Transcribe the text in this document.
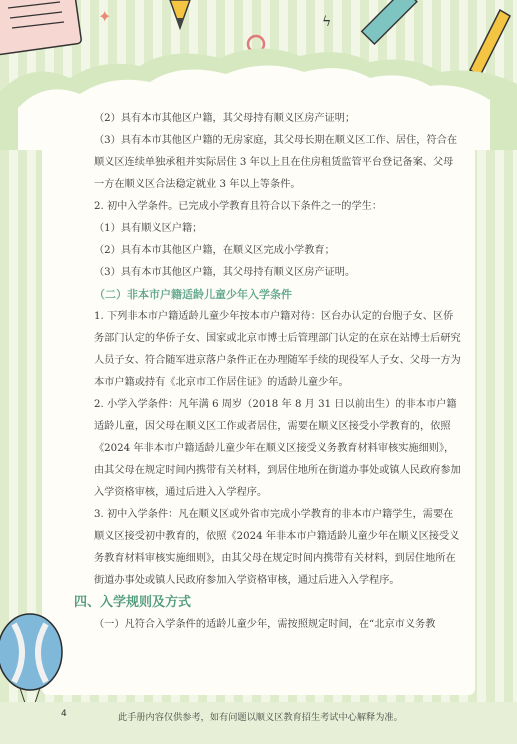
✦	ϟ

（2）具有本市其他区户籍，其父母持有顺义区房产证明；

（3）具有本市其他区户籍的无房家庭，其父母长期在顺义区工作、居住，符合在顺义区连续单独承租并实际居住 3 年以上且在住房租赁监管平台登记备案、父母一方在顺义区合法稳定就业 3 年以上等条件。

2. 初中入学条件。已完成小学教育且符合以下条件之一的学生：

（1）具有顺义区户籍；

（2）具有本市其他区户籍，在顺义区完成小学教育；

（3）具有本市其他区户籍，其父母持有顺义区房产证明。

（二）非本市户籍适龄儿童少年入学条件

1. 下列非本市户籍适龄儿童少年按本市户籍对待：区台办认定的台胞子女、区侨务部门认定的华侨子女、国家或北京市博士后管理部门认定的在京在站博士后研究人员子女、符合随军进京落户条件正在办理随军手续的现役军人子女、父母一方为本市户籍或持有《北京市工作居住证》的适龄儿童少年。

2. 小学入学条件：凡年满 6 周岁（2018 年 8 月 31 日以前出生）的非本市户籍适龄儿童，因父母在顺义区工作或者居住，需要在顺义区接受小学教育的，依照《2024 年非本市户籍适龄儿童少年在顺义区接受义务教育材料审核实施细则》，由其父母在规定时间内携带有关材料，到居住地所在街道办事处或镇人民政府参加入学资格审核，通过后进入入学程序。

3. 初中入学条件：凡在顺义区或外省市完成小学教育的非本市户籍学生，需要在顺义区接受初中教育的，依照《2024 年非本市户籍适龄儿童少年在顺义区接受义务教育材料审核实施细则》，由其父母在规定时间内携带有关材料，到居住地所在街道办事处或镇人民政府参加入学资格审核，通过后进入入学程序。

四、入学规则及方式

（一）凡符合入学条件的适龄儿童少年，需按照规定时间，在“北京市义务教

4	此手册内容仅供参考，如有问题以顺义区教育招生考试中心解释为准。
